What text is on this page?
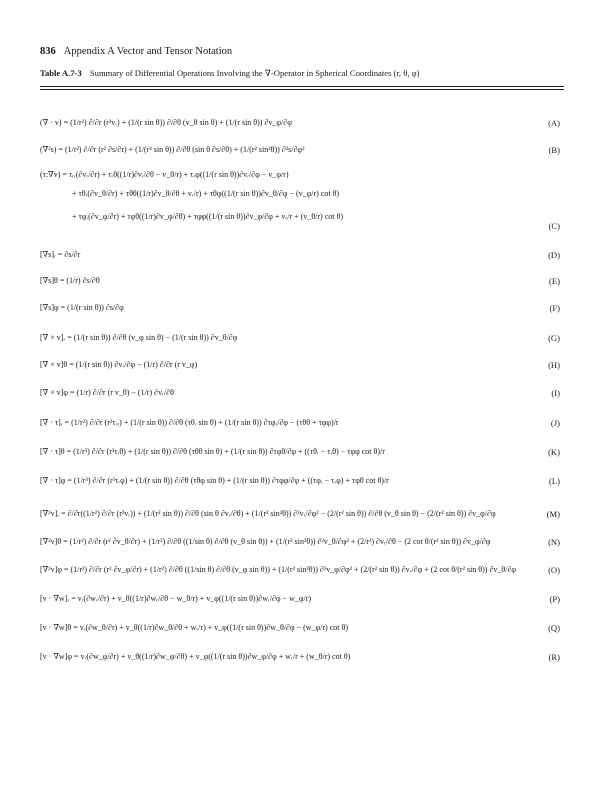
836 Appendix A Vector and Tensor Notation
Table A.7-3 Summary of Differential Operations Involving the ∇-Operator in Spherical Coordinates (r, θ, φ)
(∇ · v) = (1/r²) ∂/∂r (r²vᵣ) + (1/(r sin θ)) ∂/∂θ (v_θ sin θ) + (1/(r sin θ)) ∂v_φ/∂φ	(A)
(∇²s) = (1/r²) ∂/∂r (r² ∂s/∂r) + (1/(r² sin θ)) ∂/∂θ (sin θ ∂s/∂θ) + (1/(r² sin²θ)) ∂²s/∂φ²	(B)
(τ:∇v) = τᵣᵣ(∂vᵣ/∂r) + τᵣθ((1/r)∂vᵣ/∂θ − v_θ/r) + τᵣφ((1/(r sin θ))∂vᵣ/∂φ − v_φ/r)
+ τθᵣ(∂v_θ/∂r) + τθθ((1/r)∂v_θ/∂θ + vᵣ/r) + τθφ((1/(r sin θ))∂v_θ/∂φ − (v_φ/r) cot θ)
+ τφᵣ(∂v_φ/∂r) + τφθ((1/r)∂v_φ/∂θ) + τφφ((1/(r sin θ))∂v_φ/∂φ + vᵣ/r + (v_θ/r) cot θ)
(C)
[∇s]ᵣ = ∂s/∂r	(D)
[∇s]θ = (1/r) ∂s/∂θ	(E)
[∇s]φ = (1/(r sin θ)) ∂s/∂φ	(F)
[∇ × v]ᵣ = (1/(r sin θ)) ∂/∂θ (v_φ sin θ) − (1/(r sin θ)) ∂v_θ/∂φ	(G)
[∇ × v]θ = (1/(r sin θ)) ∂vᵣ/∂φ − (1/r) ∂/∂r (r v_φ)	(H)
[∇ × v]φ = (1/r) ∂/∂r (r v_θ) − (1/r) ∂vᵣ/∂θ	(I)
[∇ · τ]ᵣ = (1/r²) ∂/∂r (r²τᵣᵣ) + (1/(r sin θ)) ∂/∂θ (τθᵣ sin θ) + (1/(r sin θ)) ∂τφᵣ/∂φ − (τθθ + τφφ)/r	(J)
[∇ · τ]θ = (1/r³) ∂/∂r (r³τᵣθ) + (1/(r sin θ)) ∂/∂θ (τθθ sin θ) + (1/(r sin θ)) ∂τφθ/∂φ + ((τθᵣ − τᵣθ) − τφφ cot θ)/r	(K)
[∇ · τ]φ = (1/r³) ∂/∂r (r³τᵣφ) + (1/(r sin θ)) ∂/∂θ (τθφ sin θ) + (1/(r sin θ)) ∂τφφ/∂φ + ((τφᵣ − τᵣφ) + τφθ cot θ)/r	(L)
[∇²v]ᵣ = ∂/∂r((1/r²) ∂/∂r (r²vᵣ)) + (1/(r² sin θ)) ∂/∂θ (sin θ ∂vᵣ/∂θ) + (1/(r² sin²θ)) ∂²vᵣ/∂φ² − (2/(r² sin θ)) ∂/∂θ (v_θ sin θ) − (2/(r² sin θ)) ∂v_φ/∂φ	(M)
[∇²v]θ = (1/r²) ∂/∂r (r² ∂v_θ/∂r) + (1/r²) ∂/∂θ ((1/sin θ) ∂/∂θ (v_θ sin θ)) + (1/(r² sin²θ)) ∂²v_θ/∂φ² + (2/r²) ∂vᵣ/∂θ − (2 cot θ/(r² sin θ)) ∂v_φ/∂φ	(N)
[∇²v]φ = (1/r²) ∂/∂r (r² ∂v_φ/∂r) + (1/r²) ∂/∂θ ((1/sin θ) ∂/∂θ (v_φ sin θ)) + (1/(r² sin²θ)) ∂²v_φ/∂φ² + (2/(r² sin θ)) ∂vᵣ/∂φ + (2 cot θ/(r² sin θ)) ∂v_θ/∂φ	(O)
[v · ∇w]ᵣ = vᵣ(∂wᵣ/∂r) + v_θ((1/r)∂wᵣ/∂θ − w_θ/r) + v_φ((1/(r sin θ))∂wᵣ/∂φ − w_φ/r)	(P)
[v · ∇w]θ = vᵣ(∂w_θ/∂r) + v_θ((1/r)∂w_θ/∂θ + wᵣ/r) + v_φ((1/(r sin θ))∂w_θ/∂φ − (w_φ/r) cot θ)	(Q)
[v · ∇w]φ = vᵣ(∂w_φ/∂r) + v_θ((1/r)∂w_φ/∂θ) + v_φ((1/(r sin θ))∂w_φ/∂φ + wᵣ/r + (w_θ/r) cot θ)	(R)
